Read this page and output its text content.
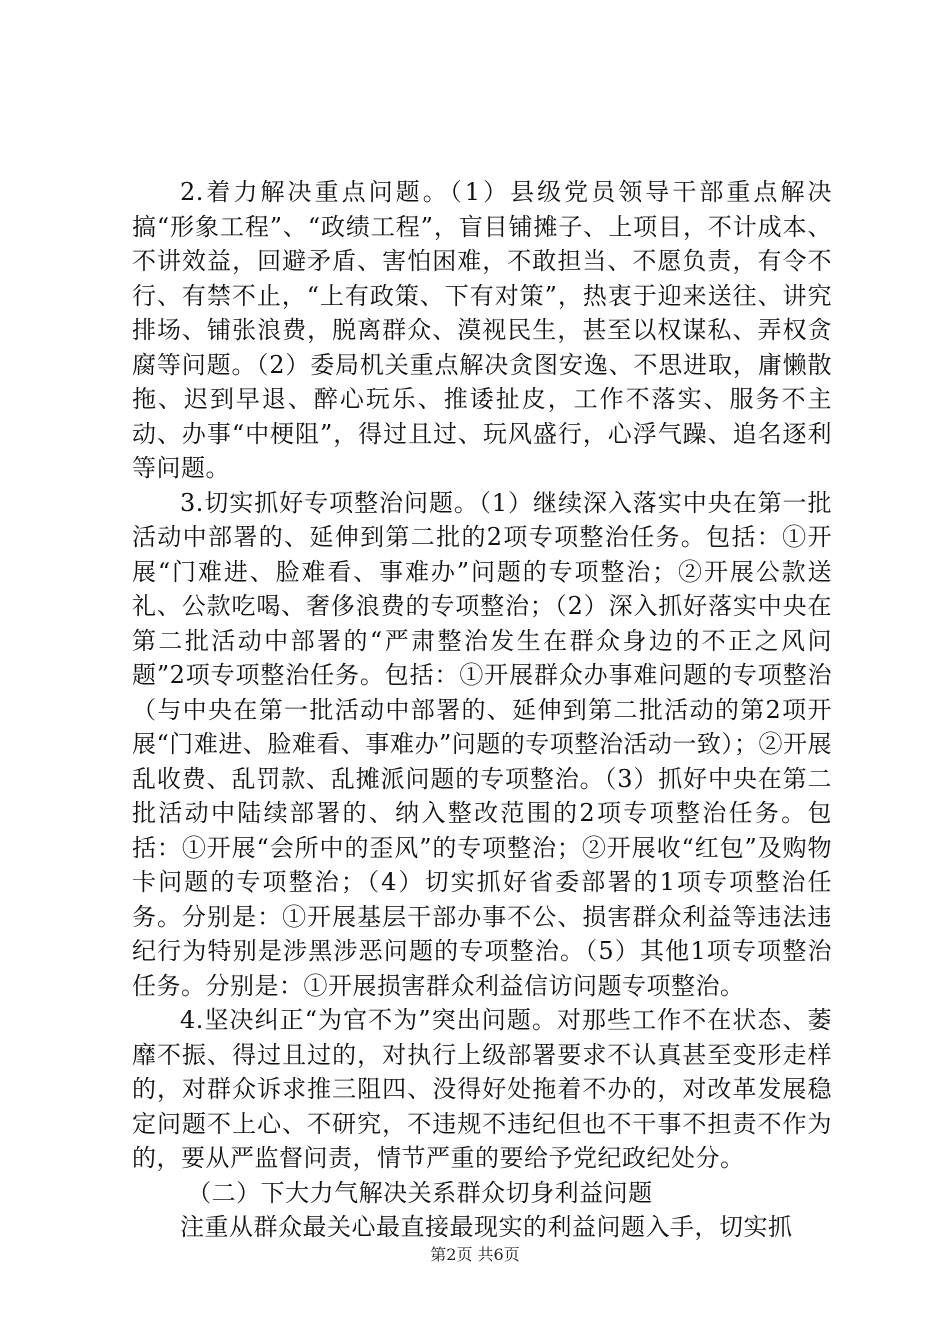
2.着力解决重点问题。（1）县级党员领导干部重点解决搞“形象工程”、“政绩工程”，盲目铺摊子、上项目，不计成本、不讲效益，回避矛盾、害怕困难，不敢担当、不愿负责，有令不行、有禁不止，“上有政策、下有对策”，热衷于迎来送往、讲究排场、铺张浪费，脱离群众、漠视民生，甚至以权谋私、弄权贪腐等问题。（2）委局机关重点解决贪图安逸、不思进取，庸懒散拖、迟到早退、醉心玩乐、推诿扯皮，工作不落实、服务不主动、办事“中梗阻”，得过且过、玩风盛行，心浮气躁、追名逐利等问题。

3.切实抓好专项整治问题。（1）继续深入落实中央在第一批活动中部署的、延伸到第二批的2项专项整治任务。包括：①开展“门难进、脸难看、事难办”问题的专项整治；②开展公款送礼、公款吃喝、奢侈浪费的专项整治；（2）深入抓好落实中央在第二批活动中部署的“严肃整治发生在群众身边的不正之风问题”2项专项整治任务。包括：①开展群众办事难问题的专项整治（与中央在第一批活动中部署的、延伸到第二批活动的第2项开展“门难进、脸难看、事难办”问题的专项整治活动一致）；②开展乱收费、乱罚款、乱摊派问题的专项整治。（3）抓好中央在第二批活动中陆续部署的、纳入整改范围的2项专项整治任务。包括：①开展“会所中的歪风”的专项整治；②开展收“红包”及购物卡问题的专项整治；（4）切实抓好省委部署的1项专项整治任务。分别是：①开展基层干部办事不公、损害群众利益等违法违纪行为特别是涉黑涉恶问题的专项整治。（5）其他1项专项整治任务。分别是：①开展损害群众利益信访问题专项整治。

4.坚决纠正“为官不为”突出问题。对那些工作不在状态、萎靡不振、得过且过的，对执行上级部署要求不认真甚至变形走样的，对群众诉求推三阻四、没得好处拖着不办的，对改革发展稳定问题不上心、不研究，不违规不违纪但也不干事不担责不作为的，要从严监督问责，情节严重的要给予党纪政纪处分。

（二）下大力气解决关系群众切身利益问题

注重从群众最关心最直接最现实的利益问题入手，切实抓

第2页 共6页
